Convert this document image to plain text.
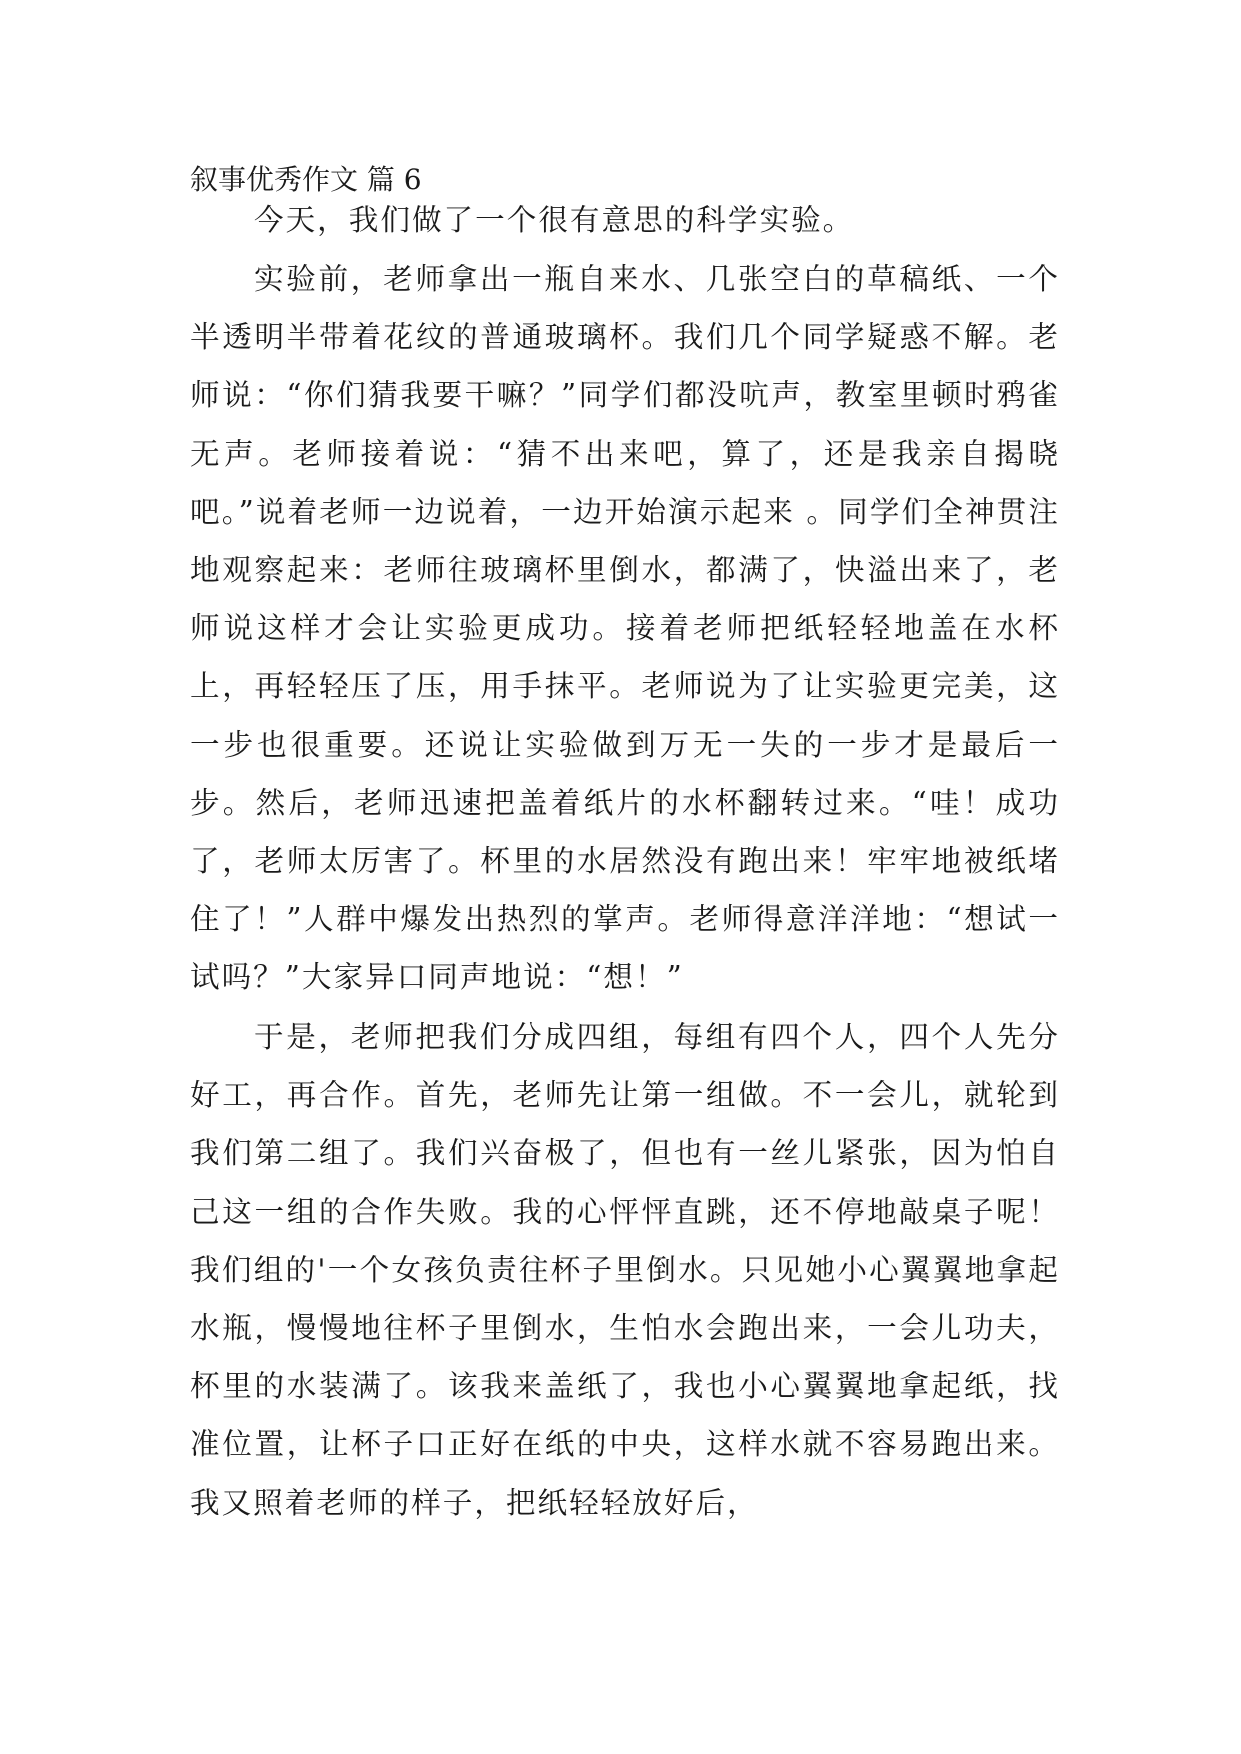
叙事优秀作文 篇 6

今天，我们做了一个很有意思的科学实验。

实验前，老师拿出一瓶自来水、几张空白的草稿纸、一个半透明半带着花纹的普通玻璃杯。我们几个同学疑惑不解。老师说：“你们猜我要干嘛？”同学们都没吭声，教室里顿时鸦雀无声。老师接着说：“猜不出来吧，算了，还是我亲自揭晓吧。”说着老师一边说着，一边开始演示起来 。同学们全神贯注地观察起来：老师往玻璃杯里倒水，都满了，快溢出来了，老师说这样才会让实验更成功。接着老师把纸轻轻地盖在水杯上，再轻轻压了压，用手抹平。老师说为了让实验更完美，这一步也很重要。还说让实验做到万无一失的一步才是最后一步。然后，老师迅速把盖着纸片的水杯翻转过来。“哇！成功了，老师太厉害了。杯里的水居然没有跑出来！牢牢地被纸堵住了！”人群中爆发出热烈的掌声。老师得意洋洋地：“想试一试吗？”大家异口同声地说：“想！”

于是，老师把我们分成四组，每组有四个人，四个人先分好工，再合作。首先，老师先让第一组做。不一会儿，就轮到我们第二组了。我们兴奋极了，但也有一丝儿紧张，因为怕自己这一组的合作失败。我的心怦怦直跳，还不停地敲桌子呢！我们组的'一个女孩负责往杯子里倒水。只见她小心翼翼地拿起水瓶，慢慢地往杯子里倒水，生怕水会跑出来，一会儿功夫，杯里的水装满了。该我来盖纸了，我也小心翼翼地拿起纸，找准位置，让杯子口正好在纸的中央，这样水就不容易跑出来。我又照着老师的样子，把纸轻轻放好后，
